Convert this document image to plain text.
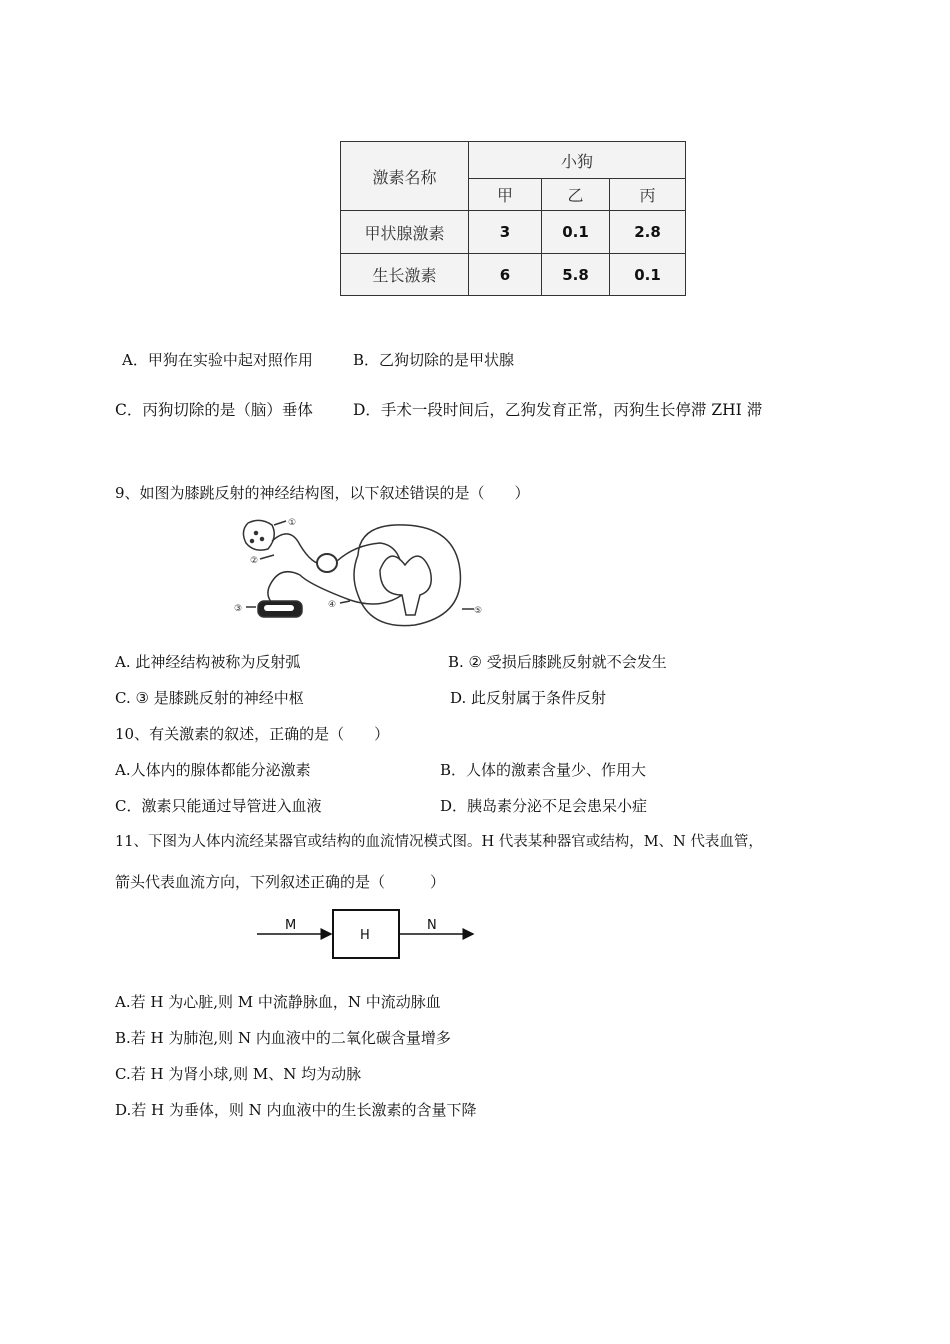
激素名称	小狗		
	甲	乙	丙
甲状腺激素	3	0.1	2.8
生长激素	6	5.8	0.1
A．甲狗在实验中起对照作用	B．乙狗切除的是甲状腺
C．丙狗切除的是（脑）垂体	D．手术一段时间后，乙狗发育正常，丙狗生长停滞 ZHI 滞
9、如图为膝跳反射的神经结构图，以下叙述错误的是（　　）
①
②
③	④
⑤
A. 此神经结构被称为反射弧	B. ② 受损后膝跳反射就不会发生
C. ③ 是膝跳反射的神经中枢	D. 此反射属于条件反射
10、有关激素的叙述，正确的是（　　）
A.人体内的腺体都能分泌激素	B．人体的激素含量少、作用大
C．激素只能通过导管进入血液	D．胰岛素分泌不足会患呆小症
11、下图为人体内流经某器官或结构的血流情况模式图。H 代表某种器官或结构，M、N 代表血管，
箭头代表血流方向，下列叙述正确的是（　　　）
M
H
N
A.若 H 为心脏,则 M 中流静脉血，N 中流动脉血
B.若 H 为肺泡,则 N 内血液中的二氧化碳含量增多
C.若 H 为肾小球,则 M、N 均为动脉
D.若 H 为垂体，则 N 内血液中的生长激素的含量下降
